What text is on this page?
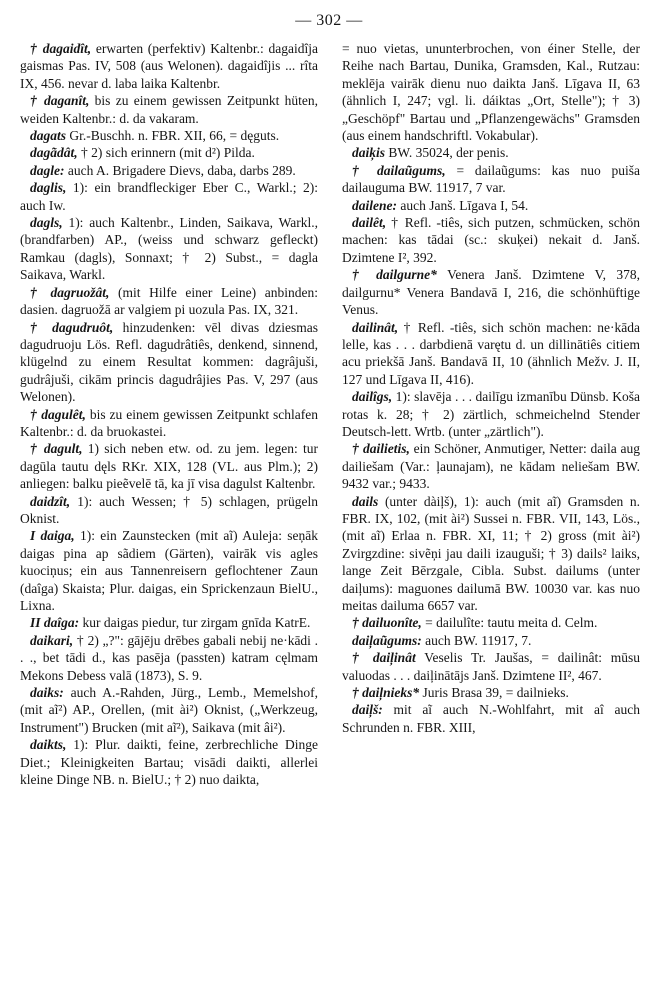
— 302 —

† dagaidît, erwarten (perfektiv) Kaltenbr.: dagaidîja gaismas Pas. IV, 508 (aus Welonen). dagaidîjis ... rîta IX, 456. nevar d. laba laika Kaltenbr.

† daganît, bis zu einem gewissen Zeitpunkt hüten, weiden Kaltenbr.: d. da vakaram.

dagats Gr.-Buschh. n. FBR. XII, 66, = dęguts.

dagãdât, † 2) sich erinnern (mit d²) Pilda.

dagle: auch A. Brigadere Dievs, daba, darbs 289.

daglis, 1): ein brandfleckiger Eber C., Warkl.; 2): auch Iw.

dagls, 1): auch Kaltenbr., Linden, Saikava, Warkl., (brandfarben) AP., (weiss und schwarz gefleckt) Ramkau (dagls), Sonnaxt; † 2) Subst., = dagla Saikava, Warkl.

† dagruožât, (mit Hilfe einer Leine) anbinden: dasien. dagruožā ar valgiem pi uozula Pas. IX, 321.

† dagudruôt, hinzudenken: vēl divas dziesmas dagudruoju Lös. Refl. dagudrâtiês, denkend, sinnend, klügelnd zu einem Resultat kommen: dagrâjuši, gudrâjuši, cikām princis dagudrâjies Pas. V, 297 (aus Welonen).

† dagulêt, bis zu einem gewissen Zeitpunkt schlafen Kaltenbr.: d. da bruokastei.

† dagult, 1) sich neben etw. od. zu jem. legen: tur dagūla tautu dęls RKr. XIX, 128 (VL. aus Plm.); 2) anliegen: balku pieẽvelē tā, ka jī visa dagulst Kaltenbr.

daidzît, 1): auch Wessen; † 5) schlagen, prügeln Oknist.

I daiga, 1): ein Zaunstecken (mit aĩ) Auleja: seņāk daigas pina ap sãdiem (Gärten), vairāk vis agles kuociņus; ein aus Tannenreisern geflochtener Zaun (daîga) Skaista; Plur. daigas, ein Sprickenzaun BielU., Lixna.

II daîga: kur daigas piedur, tur zirgam gnīda KatrE.

daikari, † 2) „?": gājēju drēbes gabali nebij ne·kādi . . ., bet tādi d., kas pasēja (passten) katram cęlmam Mekons Debess valā (1873), S. 9.

daiks: auch A.-Rahden, Jürg., Lemb., Memelshof, (mit aĩ²) AP., Orellen, (mit ài²) Oknist, („Werkzeug, Instrument") Brucken (mit aĩ²), Saikava (mit âi²).

daikts, 1): Plur. daikti, feine, zerbrechliche Dinge Diet.; Kleinigkeiten Bartau; visādi daikti, allerlei kleine Dinge NB. n. BielU.; † 2) nuo daikta,

= nuo vietas, ununterbrochen, von éiner Stelle, der Reihe nach Bartau, Dunika, Gramsden, Kal., Rutzau: meklēja vairāk dienu nuo daikta Janš. Līgava II, 63 (ähnlich I, 247; vgl. li. dáiktas „Ort, Stelle"); † 3) „Geschöpf" Bartau und „Pflanzengewächs" Gramsden (aus einem handschriftl. Vokabular).

daiķis BW. 35024, der penis.

† dailaũgums, = dailaũgums: kas nuo puiša dailauguma BW. 11917, 7 var.

dailene: auch Janš. Līgava I, 54.

dailêt, † Refl. -tiês, sich putzen, schmücken, schön machen: kas tādai (sc.: skuķei) nekait d. Janš. Dzimtene I², 392.

† dailgurne* Venera Janš. Dzimtene V, 378, dailgurnu* Venera Bandavā I, 216, die schönhüftige Venus.

dailinât, † Refl. -tiês, sich schön machen: ne·kāda lelle, kas . . . darbdienā varętu d. un dillinātiês citiem acu priekšā Janš. Bandavā II, 10 (ähnlich Mežv. J. II, 127 und Līgava II, 416).

dailîgs, 1): slavēja . . . dailīgu izmanību Dünsb. Koša rotas k. 28; † 2) zärtlich, schmeichelnd Stender Deutsch-lett. Wrtb. (unter „zärtlich").

† dailietis, ein Schöner, Anmutiger, Netter: daila aug dailiešam (Var.: ļaunajam), ne kādam neliešam BW. 9432 var.; 9433.

dails (unter dàiļš), 1): auch (mit aĩ) Gramsden n. FBR. IX, 102, (mit ài²) Sussei n. FBR. VII, 143, Lös., (mit aĩ) Erlaa n. FBR. XI, 11; † 2) gross (mit ài²) Zvirgzdine: sivẽņi jau daili izauguši; † 3) dails² laiks, lange Zeit Bērzgale, Cibla. Subst. dailums (unter daiļums): maguones dailumā BW. 10030 var. kas nuo meitas dailuma 6657 var.

† dailuonîte, = dailulîte: tautu meita d. Celm.

daiļaũgums: auch BW. 11917, 7.

† daiļinât Veselis Tr. Jaušas, = dailinât: mūsu valuodas . . . daiļinātājs Janš. Dzimtene II², 467.

† daiļnieks* Juris Brasa 39, = dailnieks.

daiļš: mit aĩ auch N.-Wohlfahrt, mit aî auch Schrunden n. FBR. XIII,
